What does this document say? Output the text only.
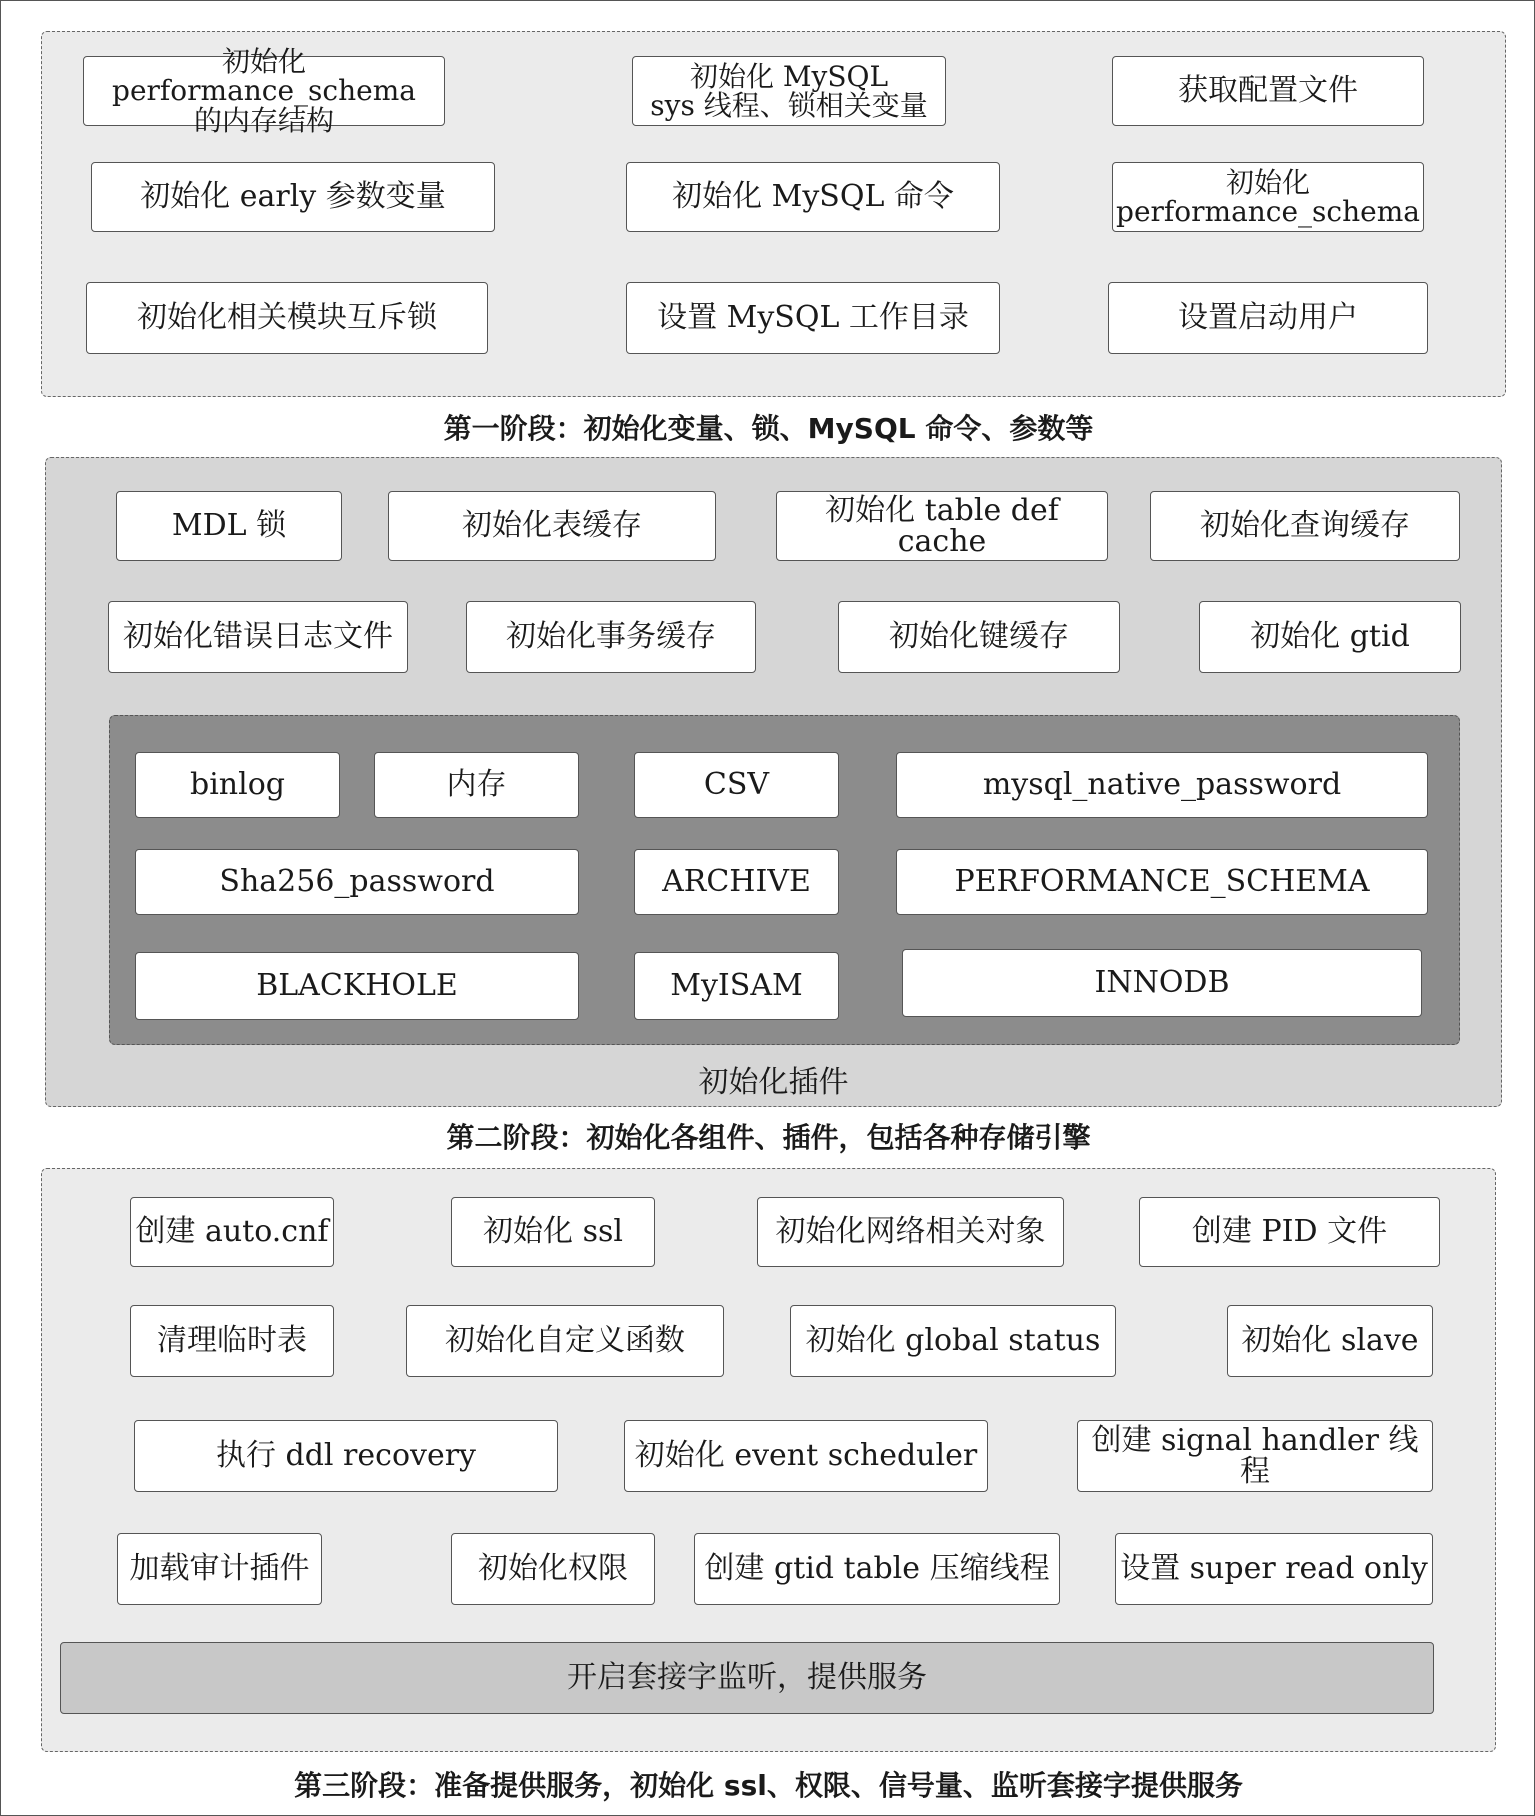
初始化 performance_schema
的内存结构
初始化 MySQL
sys 线程、锁相关变量	获取配置文件
初始化 early 参数变量	初始化 MySQL 命令	初始化
performance_schema
初始化相关模块互斥锁	设置 MySQL 工作目录	设置启动用户
第一阶段：初始化变量、锁、MySQL 命令、参数等
MDL 锁	初始化表缓存	初始化 table def cache	初始化查询缓存
初始化错误日志文件	初始化事务缓存	初始化键缓存	初始化 gtid
binlog	内存	CSV	mysql_native_password
Sha256_password	ARCHIVE	PERFORMANCE_SCHEMA
BLACKHOLE	MyISAM	INNODB
初始化插件
第二阶段：初始化各组件、插件，包括各种存储引擎
创建 auto.cnf	初始化 ssl	初始化网络相关对象	创建 PID 文件
清理临时表	初始化自定义函数	初始化 global status	初始化 slave
执行 ddl recovery	初始化 event scheduler	创建 signal handler 线程
加载审计插件	初始化权限	创建 gtid table 压缩线程	设置 super read only
开启套接字监听，提供服务
第三阶段：准备提供服务，初始化 ssl、权限、信号量、监听套接字提供服务
